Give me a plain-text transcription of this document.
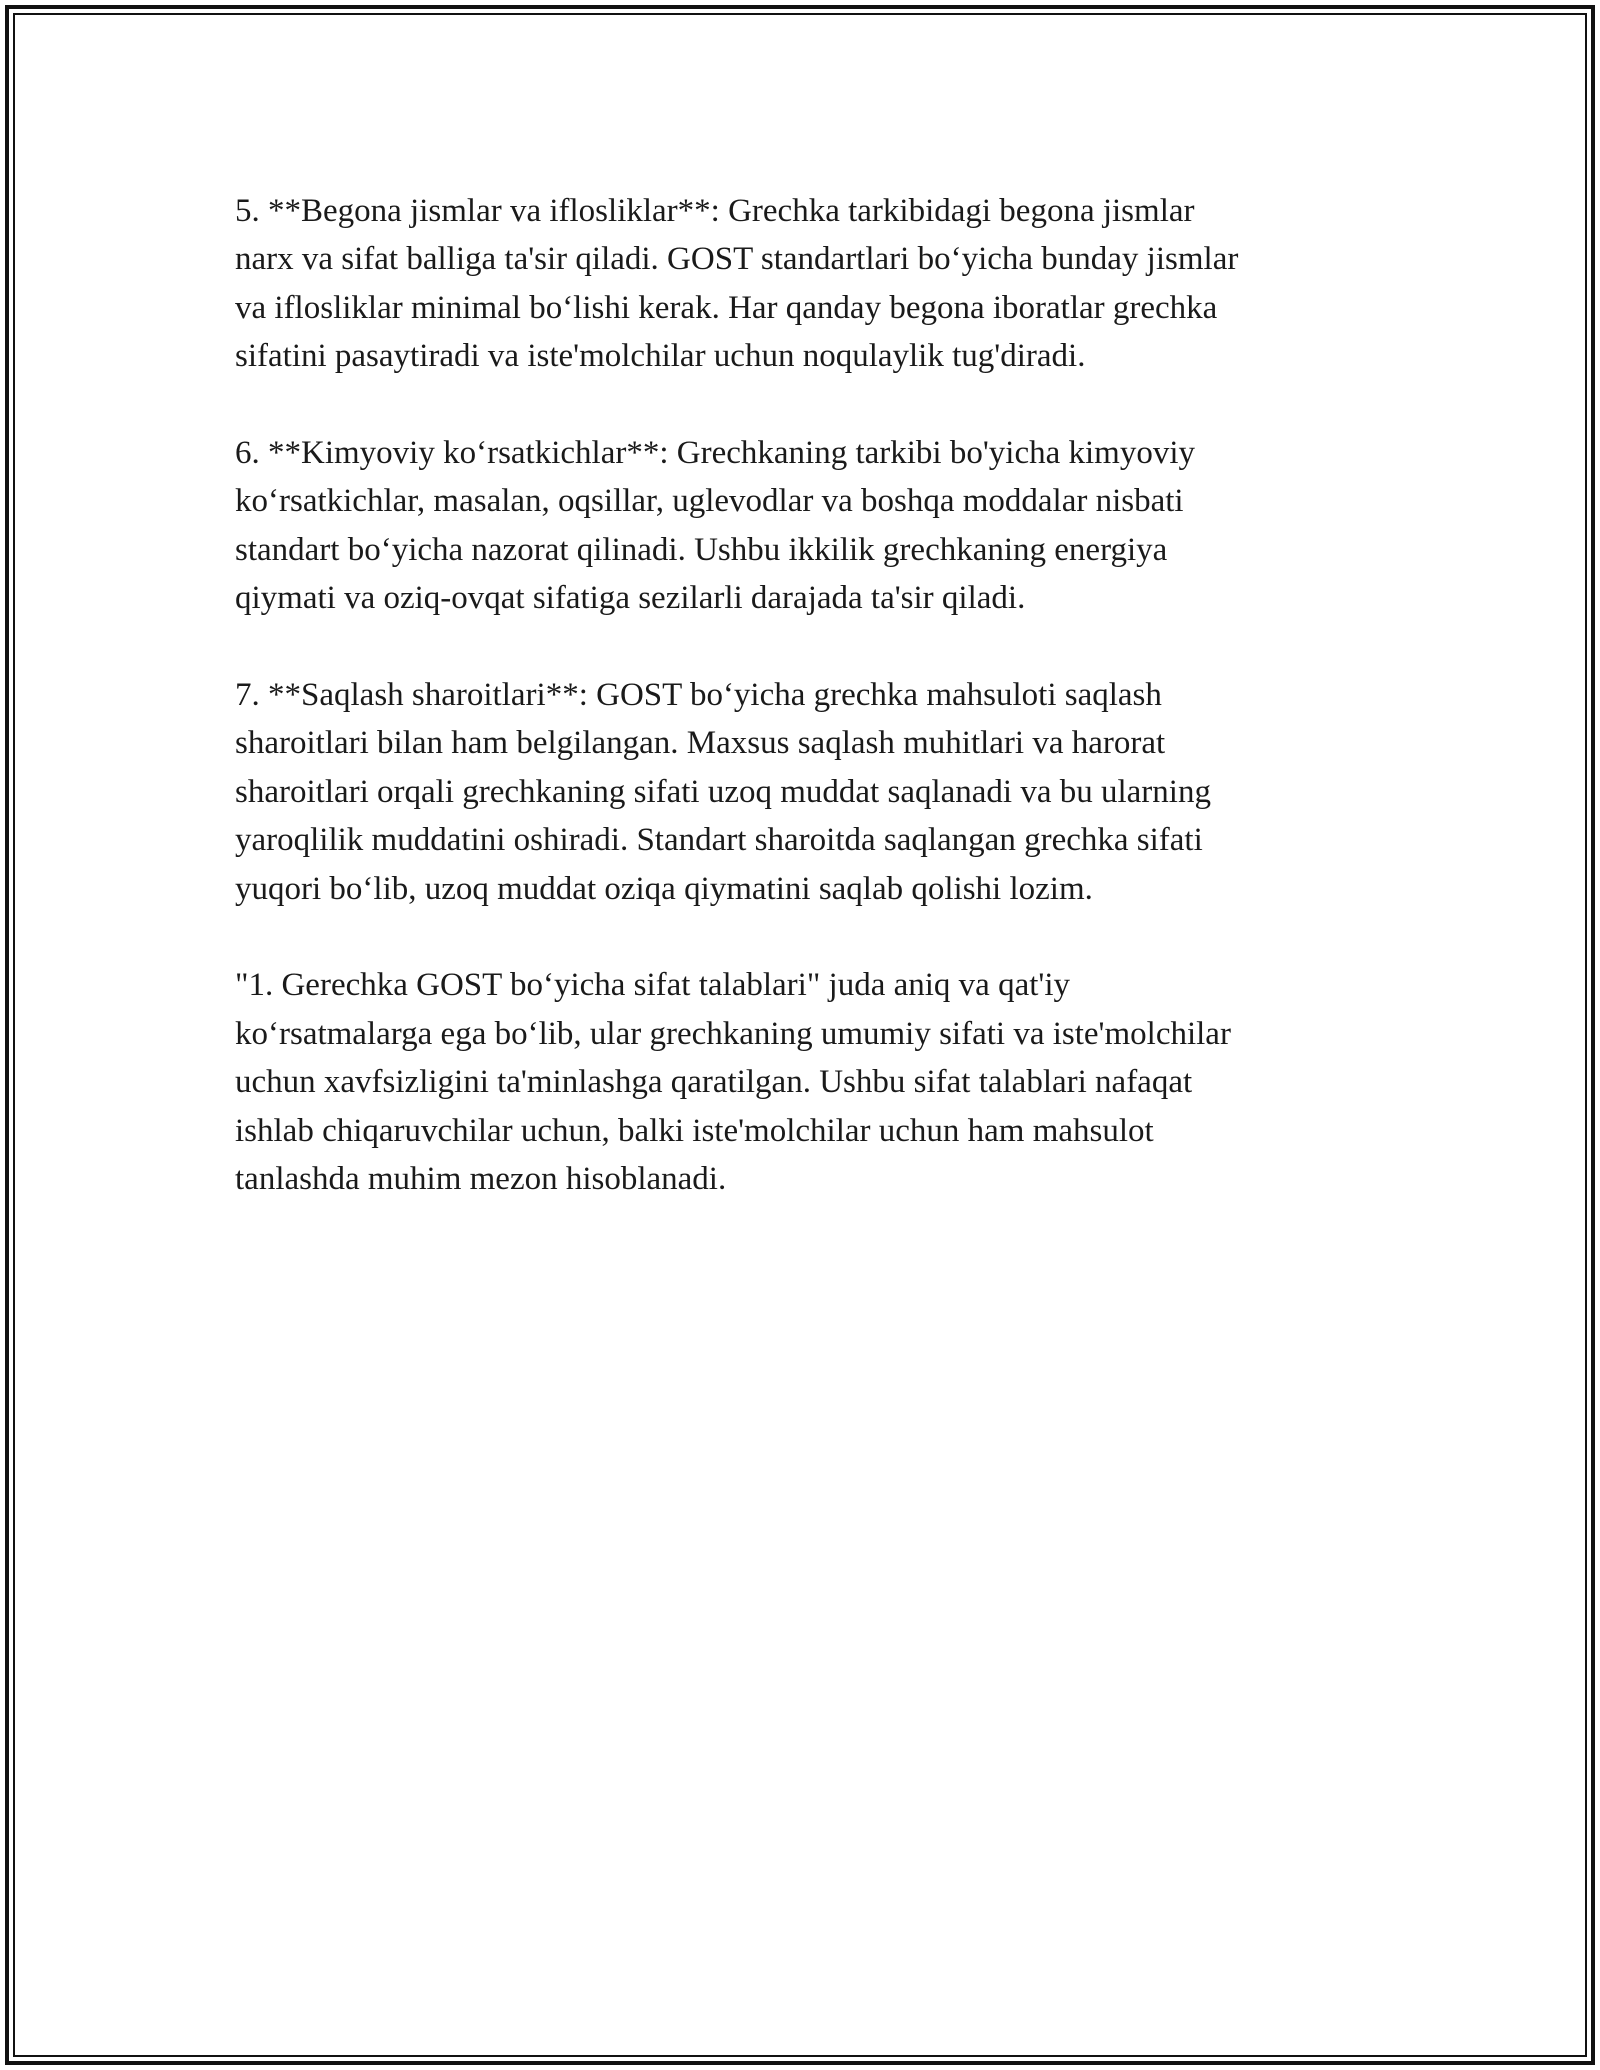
5. **Begona jismlar va iflosliklar**: Grechka tarkibidagi begona jismlar
narx va sifat balliga ta'sir qiladi. GOST standartlari bo‘yicha bunday jismlar
va iflosliklar minimal bo‘lishi kerak. Har qanday begona iboratlar grechka
sifatini pasaytiradi va iste'molchilar uchun noqulaylik tug'diradi.

6. **Kimyoviy ko‘rsatkichlar**: Grechkaning tarkibi bo'yicha kimyoviy
ko‘rsatkichlar, masalan, oqsillar, uglevodlar va boshqa moddalar nisbati
standart bo‘yicha nazorat qilinadi. Ushbu ikkilik grechkaning energiya
qiymati va oziq-ovqat sifatiga sezilarli darajada ta'sir qiladi.

7. **Saqlash sharoitlari**: GOST bo‘yicha grechka mahsuloti saqlash
sharoitlari bilan ham belgilangan. Maxsus saqlash muhitlari va harorat
sharoitlari orqali grechkaning sifati uzoq muddat saqlanadi va bu ularning
yaroqlilik muddatini oshiradi. Standart sharoitda saqlangan grechka sifati
yuqori bo‘lib, uzoq muddat oziqa qiymatini saqlab qolishi lozim.

"1. Gerechka GOST bo‘yicha sifat talablari" juda aniq va qat'iy
ko‘rsatmalarga ega bo‘lib, ular grechkaning umumiy sifati va iste'molchilar
uchun xavfsizligini ta'minlashga qaratilgan. Ushbu sifat talablari nafaqat
ishlab chiqaruvchilar uchun, balki iste'molchilar uchun ham mahsulot
tanlashda muhim mezon hisoblanadi.
